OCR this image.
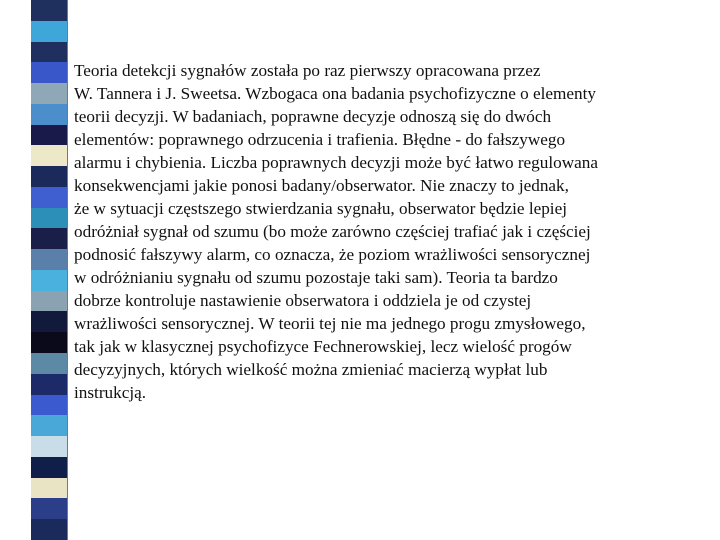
Teoria detekcji sygnałów została po raz pierwszy opracowana przez
W. Tannera i J. Sweetsa. Wzbogaca ona badania psychofizyczne o elementy
teorii decyzji. W badaniach, poprawne decyzje odnoszą się do dwóch
elementów: poprawnego odrzucenia i trafienia. Błędne - do fałszywego
alarmu i chybienia. Liczba poprawnych decyzji może być łatwo regulowana
konsekwencjami jakie ponosi badany/obserwator. Nie znaczy to jednak,
że w sytuacji częstszego stwierdzania sygnału, obserwator będzie lepiej
odróżniał sygnał od szumu (bo może zarówno częściej trafiać jak i częściej
podnosić fałszywy alarm, co oznacza, że poziom wrażliwości sensorycznej
w odróżnianiu sygnału od szumu pozostaje taki sam). Teoria ta bardzo
dobrze kontroluje nastawienie obserwatora i oddziela je od czystej
wrażliwości sensorycznej. W teorii tej nie ma jednego progu zmysłowego,
tak jak w klasycznej psychofizyce Fechnerowskiej, lecz wielość progów
decyzyjnych, których wielkość można zmieniać macierzą wypłat lub
instrukcją.
